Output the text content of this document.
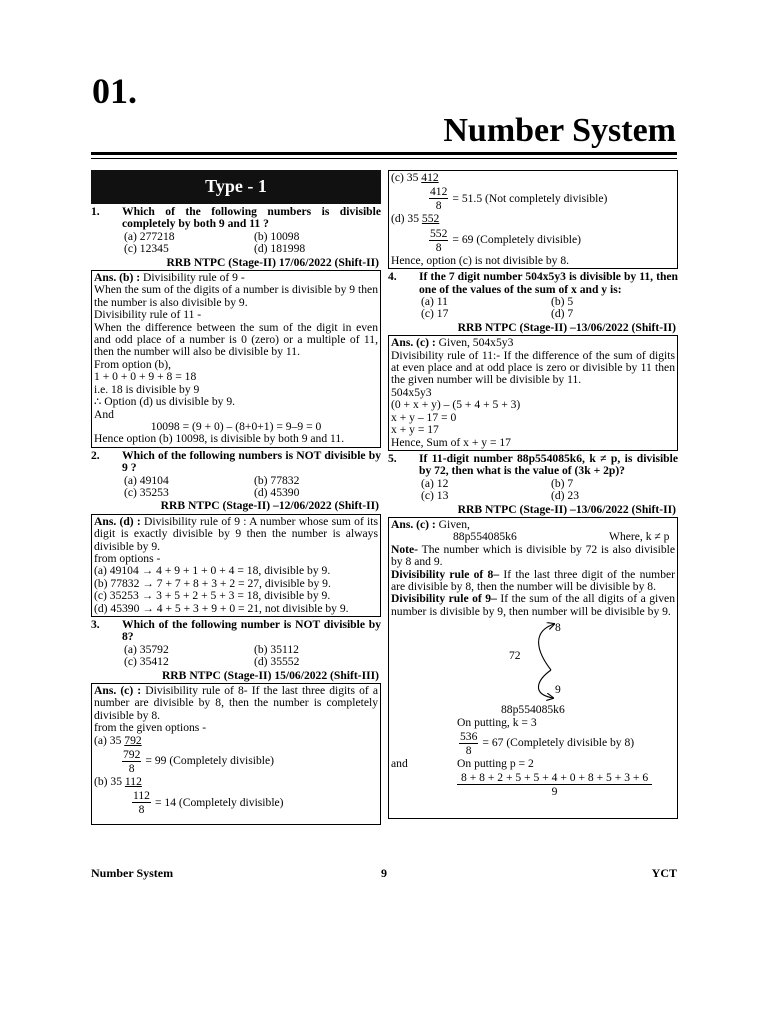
01.
Number System
Type - 1
1.	Which of the following numbers is divisible completely by both 9 and 11 ?
(a) 277218	(b) 10098
(c) 12345	(d) 181998
RRB NTPC (Stage-II) 17/06/2022 (Shift-II)
Ans. (b) : Divisibility rule of 9 -
When the sum of the digits of a number is divisible by 9 then the number is also divisible by 9.
Divisibility rule of 11 -
When the difference between the sum of the digit in even and odd place of a number is 0 (zero) or a multiple of 11, then the number will also be divisible by 11.
From option (b),
1 + 0 + 0 + 9 + 8 = 18
i.e. 18 is divisible by 9
∴ Option (d) us divisible by 9.
And
10098 = (9 + 0) – (8+0+1) = 9–9 = 0
Hence option (b) 10098, is divisible by both 9 and 11.
2.	Which of the following numbers is NOT divisible by 9 ?
(a) 49104	(b) 77832
(c) 35253	(d) 45390
RRB NTPC (Stage-II) –12/06/2022 (Shift-II)
Ans. (d) : Divisibility rule of 9 : A number whose sum of its digit is exactly divisible by 9 then the number is always divisible by 9.
from options -
(a) 49104 → 4 + 9 + 1 + 0 + 4 = 18, divisible by 9.
(b) 77832 → 7 + 7 + 8 + 3 + 2 = 27, divisible by 9.
(c) 35253 → 3 + 5 + 2 + 5 + 3 = 18, divisible by 9.
(d) 45390 → 4 + 5 + 3 + 9 + 0 = 21, not divisible by 9.
3.	Which of the following number is NOT divisible by 8?
(a) 35792	(b) 35112
(c) 35412	(d) 35552
RRB NTPC (Stage-II) 15/06/2022 (Shift-III)
Ans. (c) : Divisibility rule of 8- If the last three digits of a number are divisible by 8, then the number is completely divisible by 8.
from the given options -
(a) 35 792
$\frac{792}{8} = 99$ (Completely divisible)
(b) 35 112
$\frac{112}{8} = 14$ (Completely divisible)
(c) 35 412
$\frac{412}{8} = 51.5$ (Not completely divisible)
(d) 35 552
$\frac{552}{8} = 69$ (Completely divisible)
Hence, option (c) is not divisible by 8.
4.	If the 7 digit number 504x5y3 is divisible by 11, then one of the values of the sum of x and y is:
(a) 11	(b) 5
(c) 17	(d) 7
RRB NTPC (Stage-II) –13/06/2022 (Shift-II)
Ans. (c) : Given, 504x5y3
Divisibility rule of 11:- If the difference of the sum of digits at even place and at odd place is zero or divisible by 11 then the given number will be divisible by 11.
504x5y3
(0 + x + y) – (5 + 4 + 5 + 3)
x + y – 17 = 0
x + y = 17
Hence, Sum of x + y = 17
5.	If 11-digit number 88p554085k6, k ≠ p, is divisible by 72, then what is the value of (3k + 2p)?
(a) 12	(b) 7
(c) 13	(d) 23
RRB NTPC (Stage-II) –13/06/2022 (Shift-II)
Ans. (c) : Given,
88p554085k6	Where, k ≠ p
Note- The number which is divisible by 72 is also divisible by 8 and 9.
Divisibility rule of 8– If the last three digit of the number are divisible by 8, then the number will be divisible by 8.
Divisibility rule of 9– If the sum of the all digits of a given number is divisible by 9, then number will be divisible by 9.
72
8
9
88p554085k6
On putting, k = 3
$\frac{536}{8} = 67$ (Completely divisible by 8)
and	On putting p = 2
$\frac{8 + 8 + 2 + 5 + 5 + 4 + 0 + 8 + 5 + 3 + 6}{9}$
Number System	9	YCT
